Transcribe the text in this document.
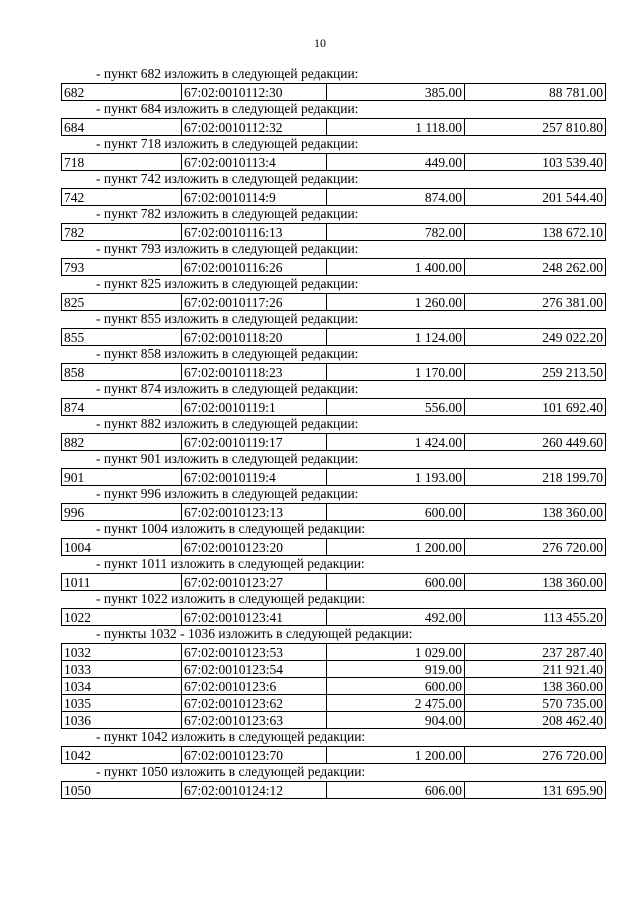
10
- пункт 682 изложить в следующей редакции:
682	67:02:0010112:30	385.00	88 781.00
- пункт 684 изложить в следующей редакции:
684	67:02:0010112:32	1 118.00	257 810.80
- пункт 718 изложить в следующей редакции:
718	67:02:0010113:4	449.00	103 539.40
- пункт 742 изложить в следующей редакции:
742	67:02:0010114:9	874.00	201 544.40
- пункт 782 изложить в следующей редакции:
782	67:02:0010116:13	782.00	138 672.10
- пункт 793 изложить в следующей редакции:
793	67:02:0010116:26	1 400.00	248 262.00
- пункт 825 изложить в следующей редакции:
825	67:02:0010117:26	1 260.00	276 381.00
- пункт 855 изложить в следующей редакции:
855	67:02:0010118:20	1 124.00	249 022.20
- пункт 858 изложить в следующей редакции:
858	67:02:0010118:23	1 170.00	259 213.50
- пункт 874 изложить в следующей редакции:
874	67:02:0010119:1	556.00	101 692.40
- пункт 882 изложить в следующей редакции:
882	67:02:0010119:17	1 424.00	260 449.60
- пункт 901 изложить в следующей редакции:
901	67:02:0010119:4	1 193.00	218 199.70
- пункт 996 изложить в следующей редакции:
996	67:02:0010123:13	600.00	138 360.00
- пункт 1004 изложить в следующей редакции:
1004	67:02:0010123:20	1 200.00	276 720.00
- пункт 1011 изложить в следующей редакции:
1011	67:02:0010123:27	600.00	138 360.00
- пункт 1022 изложить в следующей редакции:
1022	67:02:0010123:41	492.00	113 455.20
- пункты 1032 - 1036 изложить в следующей редакции:
1032	67:02:0010123:53	1 029.00	237 287.40
1033	67:02:0010123:54	919.00	211 921.40
1034	67:02:0010123:6	600.00	138 360.00
1035	67:02:0010123:62	2 475.00	570 735.00
1036	67:02:0010123:63	904.00	208 462.40
- пункт 1042 изложить в следующей редакции:
1042	67:02:0010123:70	1 200.00	276 720.00
- пункт 1050 изложить в следующей редакции:
1050	67:02:0010124:12	606.00	131 695.90
